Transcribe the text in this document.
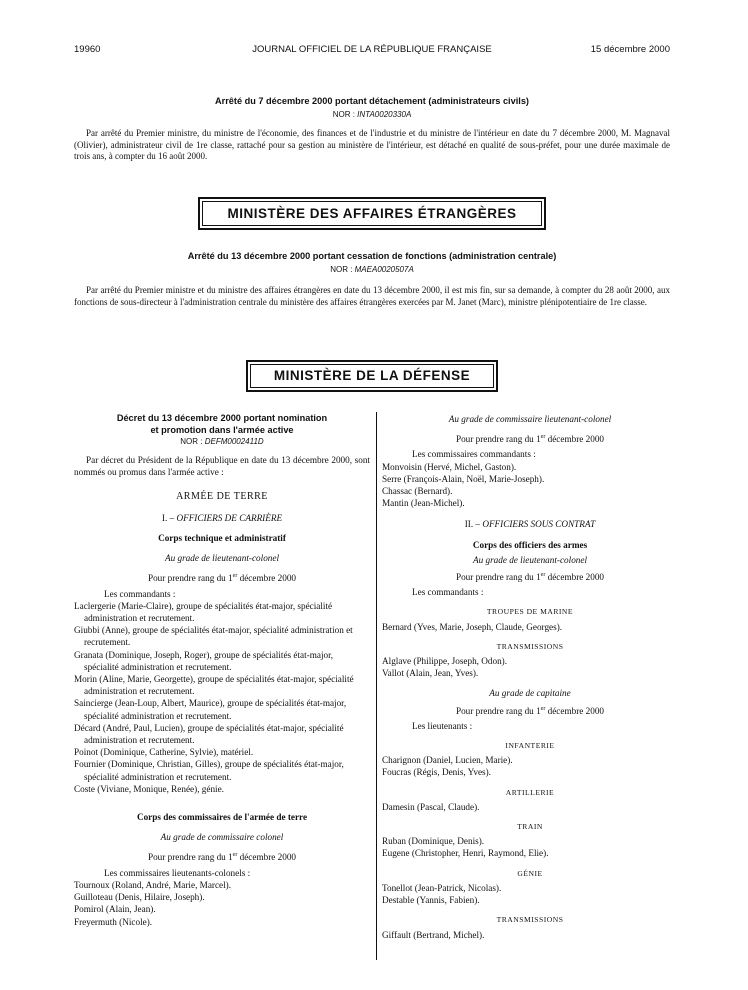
19960	JOURNAL OFFICIEL DE LA RÉPUBLIQUE FRANÇAISE	15 décembre 2000
Arrêté du 7 décembre 2000 portant détachement (administrateurs civils)
NOR : INTA0020330A
Par arrêté du Premier ministre, du ministre de l'économie, des finances et de l'industrie et du ministre de l'intérieur en date du 7 décembre 2000, M. Magnaval (Olivier), administrateur civil de 1re classe, rattaché pour sa gestion au ministère de l'intérieur, est détaché en qualité de sous-préfet, pour une durée maximale de trois ans, à compter du 16 août 2000.
MINISTÈRE DES AFFAIRES ÉTRANGÈRES
Arrêté du 13 décembre 2000 portant cessation de fonctions (administration centrale)
NOR : MAEA0020507A
Par arrêté du Premier ministre et du ministre des affaires étrangères en date du 13 décembre 2000, il est mis fin, sur sa demande, à compter du 28 août 2000, aux fonctions de sous-directeur à l'administration centrale du ministère des affaires étrangères exercées par M. Janet (Marc), ministre plénipotentiaire de 1re classe.
MINISTÈRE DE LA DÉFENSE
Décret du 13 décembre 2000 portant nomination
et promotion dans l'armée active
NOR : DEFM0002411D
Par décret du Président de la République en date du 13 décembre 2000, sont nommés ou promus dans l'armée active :
ARMÉE DE TERRE
I. – OFFICIERS DE CARRIÈRE
Corps technique et administratif
Au grade de lieutenant-colonel
Pour prendre rang du 1er décembre 2000
Les commandants :
Laclergerie (Marie-Claire), groupe de spécialités état-major, spécialité administration et recrutement.
Giubbi (Anne), groupe de spécialités état-major, spécialité administration et recrutement.
Granata (Dominique, Joseph, Roger), groupe de spécialités état-major, spécialité administration et recrutement.
Morin (Aline, Marie, Georgette), groupe de spécialités état-major, spécialité administration et recrutement.
Saincierge (Jean-Loup, Albert, Maurice), groupe de spécialités état-major, spécialité administration et recrutement.
Décard (André, Paul, Lucien), groupe de spécialités état-major, spécialité administration et recrutement.
Poinot (Dominique, Catherine, Sylvie), matériel.
Fournier (Dominique, Christian, Gilles), groupe de spécialités état-major, spécialité administration et recrutement.
Coste (Viviane, Monique, Renée), génie.
Corps des commissaires de l'armée de terre
Au grade de commissaire colonel
Pour prendre rang du 1er décembre 2000
Les commissaires lieutenants-colonels :
Tournoux (Roland, André, Marie, Marcel).
Guilloteau (Denis, Hilaire, Joseph).
Pomirol (Alain, Jean).
Freyermuth (Nicole).
Au grade de commissaire lieutenant-colonel
Pour prendre rang du 1er décembre 2000
Les commissaires commandants :
Monvoisin (Hervé, Michel, Gaston).
Serre (François-Alain, Noël, Marie-Joseph).
Chassac (Bernard).
Mantin (Jean-Michel).
II. – OFFICIERS SOUS CONTRAT
Corps des officiers des armes
Au grade de lieutenant-colonel
Pour prendre rang du 1er décembre 2000
Les commandants :
TROUPES DE MARINE
Bernard (Yves, Marie, Joseph, Claude, Georges).
TRANSMISSIONS
Alglave (Philippe, Joseph, Odon).
Vallot (Alain, Jean, Yves).
Au grade de capitaine
Pour prendre rang du 1er décembre 2000
Les lieutenants :
INFANTERIE
Charignon (Daniel, Lucien, Marie).
Foucras (Régis, Denis, Yves).
ARTILLERIE
Damesin (Pascal, Claude).
TRAIN
Ruban (Dominique, Denis).
Eugene (Christopher, Henri, Raymond, Elie).
GÉNIE
Tonellot (Jean-Patrick, Nicolas).
Destable (Yannis, Fabien).
TRANSMISSIONS
Giffault (Bertrand, Michel).
